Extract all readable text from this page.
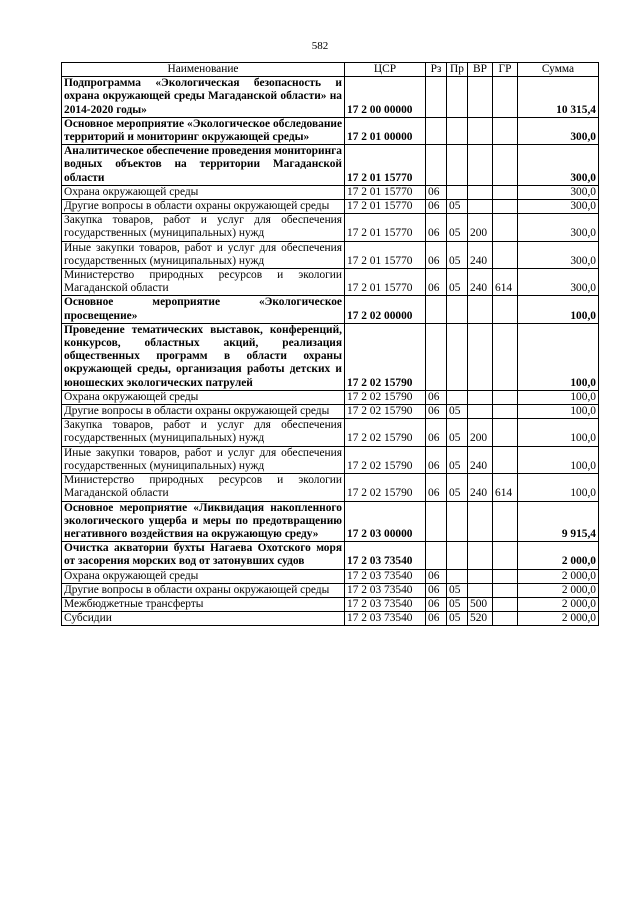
582
Наименование	ЦСР	Рз	Пр	ВР	ГР	Сумма
Подпрограмма «Экологическая безопасность и охрана окружающей среды Магаданской области» на 2014-2020 годы»	17 2 00 00000					10 315,4
Основное мероприятие «Экологическое обследование территорий и мониторинг окружающей среды»	17 2 01 00000					300,0
Аналитическое обеспечение проведения мониторинга водных объектов на территории Магаданской области	17 2 01 15770					300,0
Охрана окружающей среды	17 2 01 15770	06				300,0
Другие вопросы в области охраны окружающей среды	17 2 01 15770	06	05			300,0
Закупка товаров, работ и услуг для обеспечения государственных (муниципальных) нужд	17 2 01 15770	06	05	200		300,0
Иные закупки товаров, работ и услуг для обеспечения государственных (муниципальных) нужд	17 2 01 15770	06	05	240		300,0
Министерство природных ресурсов и экологии Магаданской области	17 2 01 15770	06	05	240	614	300,0
Основное мероприятие «Экологическое просвещение»	17 2 02 00000					100,0
Проведение тематических выставок, конференций, конкурсов, областных акций, реализация общественных программ в области охраны окружающей среды, организация работы детских и юношеских экологических патрулей	17 2 02 15790					100,0
Охрана окружающей среды	17 2 02 15790	06				100,0
Другие вопросы в области охраны окружающей среды	17 2 02 15790	06	05			100,0
Закупка товаров, работ и услуг для обеспечения государственных (муниципальных) нужд	17 2 02 15790	06	05	200		100,0
Иные закупки товаров, работ и услуг для обеспечения государственных (муниципальных) нужд	17 2 02 15790	06	05	240		100,0
Министерство природных ресурсов и экологии Магаданской области	17 2 02 15790	06	05	240	614	100,0
Основное мероприятие «Ликвидация накопленного экологического ущерба и меры по предотвращению негативного воздействия на окружающую среду»	17 2 03 00000					9 915,4
Очистка акватории бухты Нагаева Охотского моря от засорения морских вод от затонувших судов	17 2 03 73540					2 000,0
Охрана окружающей среды	17 2 03 73540	06				2 000,0
Другие вопросы в области охраны окружающей среды	17 2 03 73540	06	05			2 000,0
Межбюджетные трансферты	17 2 03 73540	06	05	500		2 000,0
Субсидии	17 2 03 73540	06	05	520		2 000,0
